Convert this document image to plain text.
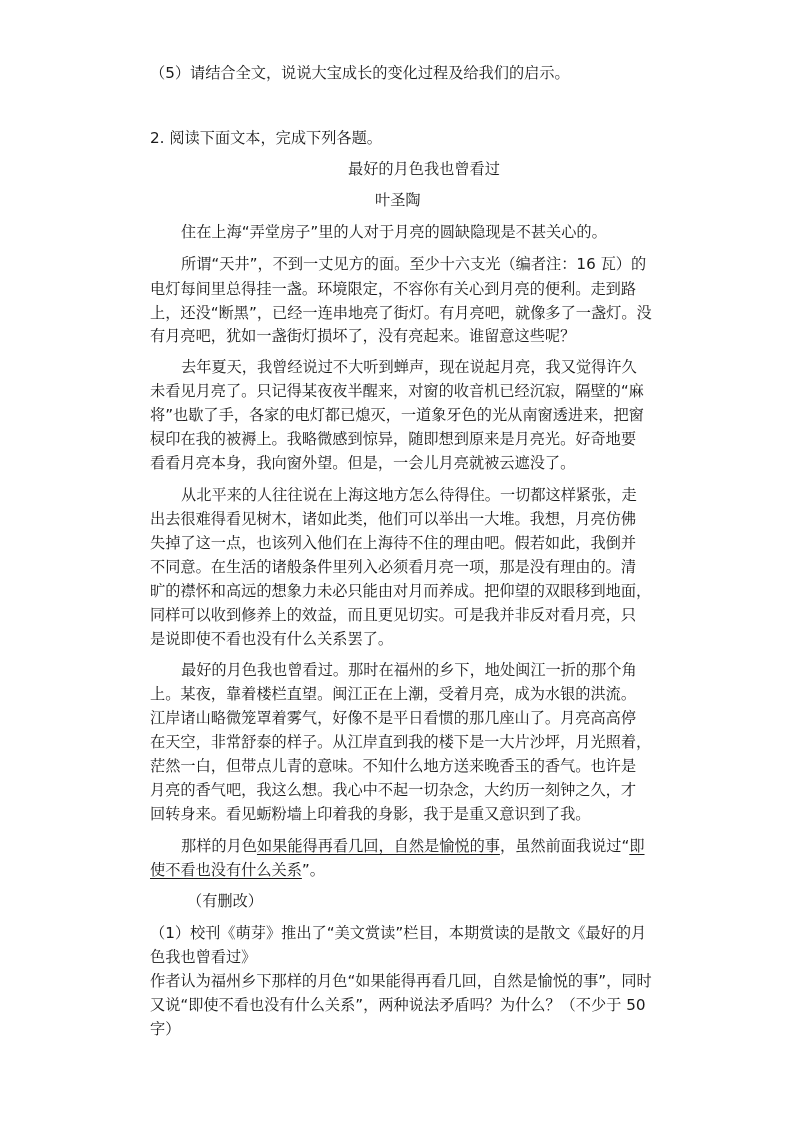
（5）请结合全文，说说大宝成长的变化过程及给我们的启示。
2. 阅读下面文本，完成下列各题。
最好的月色我也曾看过
叶圣陶
住在上海“弄堂房子”里的人对于月亮的圆缺隐现是不甚关心的。
所谓“天井”，不到一丈见方的面。至少十六支光（编者注：16 瓦）的
电灯每间里总得挂一盏。环境限定，不容你有关心到月亮的便利。走到路
上，还没“断黑”，已经一连串地亮了街灯。有月亮吧，就像多了一盏灯。没
有月亮吧，犹如一盏街灯损坏了，没有亮起来。谁留意这些呢？
去年夏天，我曾经说过不大听到蝉声，现在说起月亮，我又觉得许久
未看见月亮了。只记得某夜夜半醒来，对窗的收音机已经沉寂，隔壁的“麻
将”也歇了手，各家的电灯都已熄灭，一道象牙色的光从南窗透进来，把窗
棂印在我的被褥上。我略微感到惊异，随即想到原来是月亮光。好奇地要
看看月亮本身，我向窗外望。但是，一会儿月亮就被云遮没了。
从北平来的人往往说在上海这地方怎么待得住。一切都这样紧张，走
出去很难得看见树木，诸如此类，他们可以举出一大堆。我想，月亮仿佛
失掉了这一点，也该列入他们在上海待不住的理由吧。假若如此，我倒并
不同意。在生活的诸般条件里列入必须看月亮一项，那是没有理由的。清
旷的襟怀和高远的想象力未必只能由对月而养成。把仰望的双眼移到地面，
同样可以收到修养上的效益，而且更见切实。可是我并非反对看月亮，只
是说即使不看也没有什么关系罢了。
最好的月色我也曾看过。那时在福州的乡下，地处闽江一折的那个角
上。某夜，靠着楼栏直望。闽江正在上潮，受着月亮，成为水银的洪流。
江岸诸山略微笼罩着雾气，好像不是平日看惯的那几座山了。月亮高高停
在天空，非常舒泰的样子。从江岸直到我的楼下是一大片沙坪，月光照着，
茫然一白，但带点儿青的意味。不知什么地方送来晚香玉的香气。也许是
月亮的香气吧，我这么想。我心中不起一切杂念，大约历一刻钟之久，才
回转身来。看见蛎粉墙上印着我的身影，我于是重又意识到了我。
那样的月色如果能得再看几回，自然是愉悦的事，虽然前面我说过“即
使不看也没有什么关系”。
（有删改）
（1）校刊《萌芽》推出了“美文赏读”栏目，本期赏读的是散文《最好的月
色我也曾看过》
作者认为福州乡下那样的月色“如果能得再看几回，自然是愉悦的事”，同时
又说“即使不看也没有什么关系”，两种说法矛盾吗？为什么？（不少于 50
字）
